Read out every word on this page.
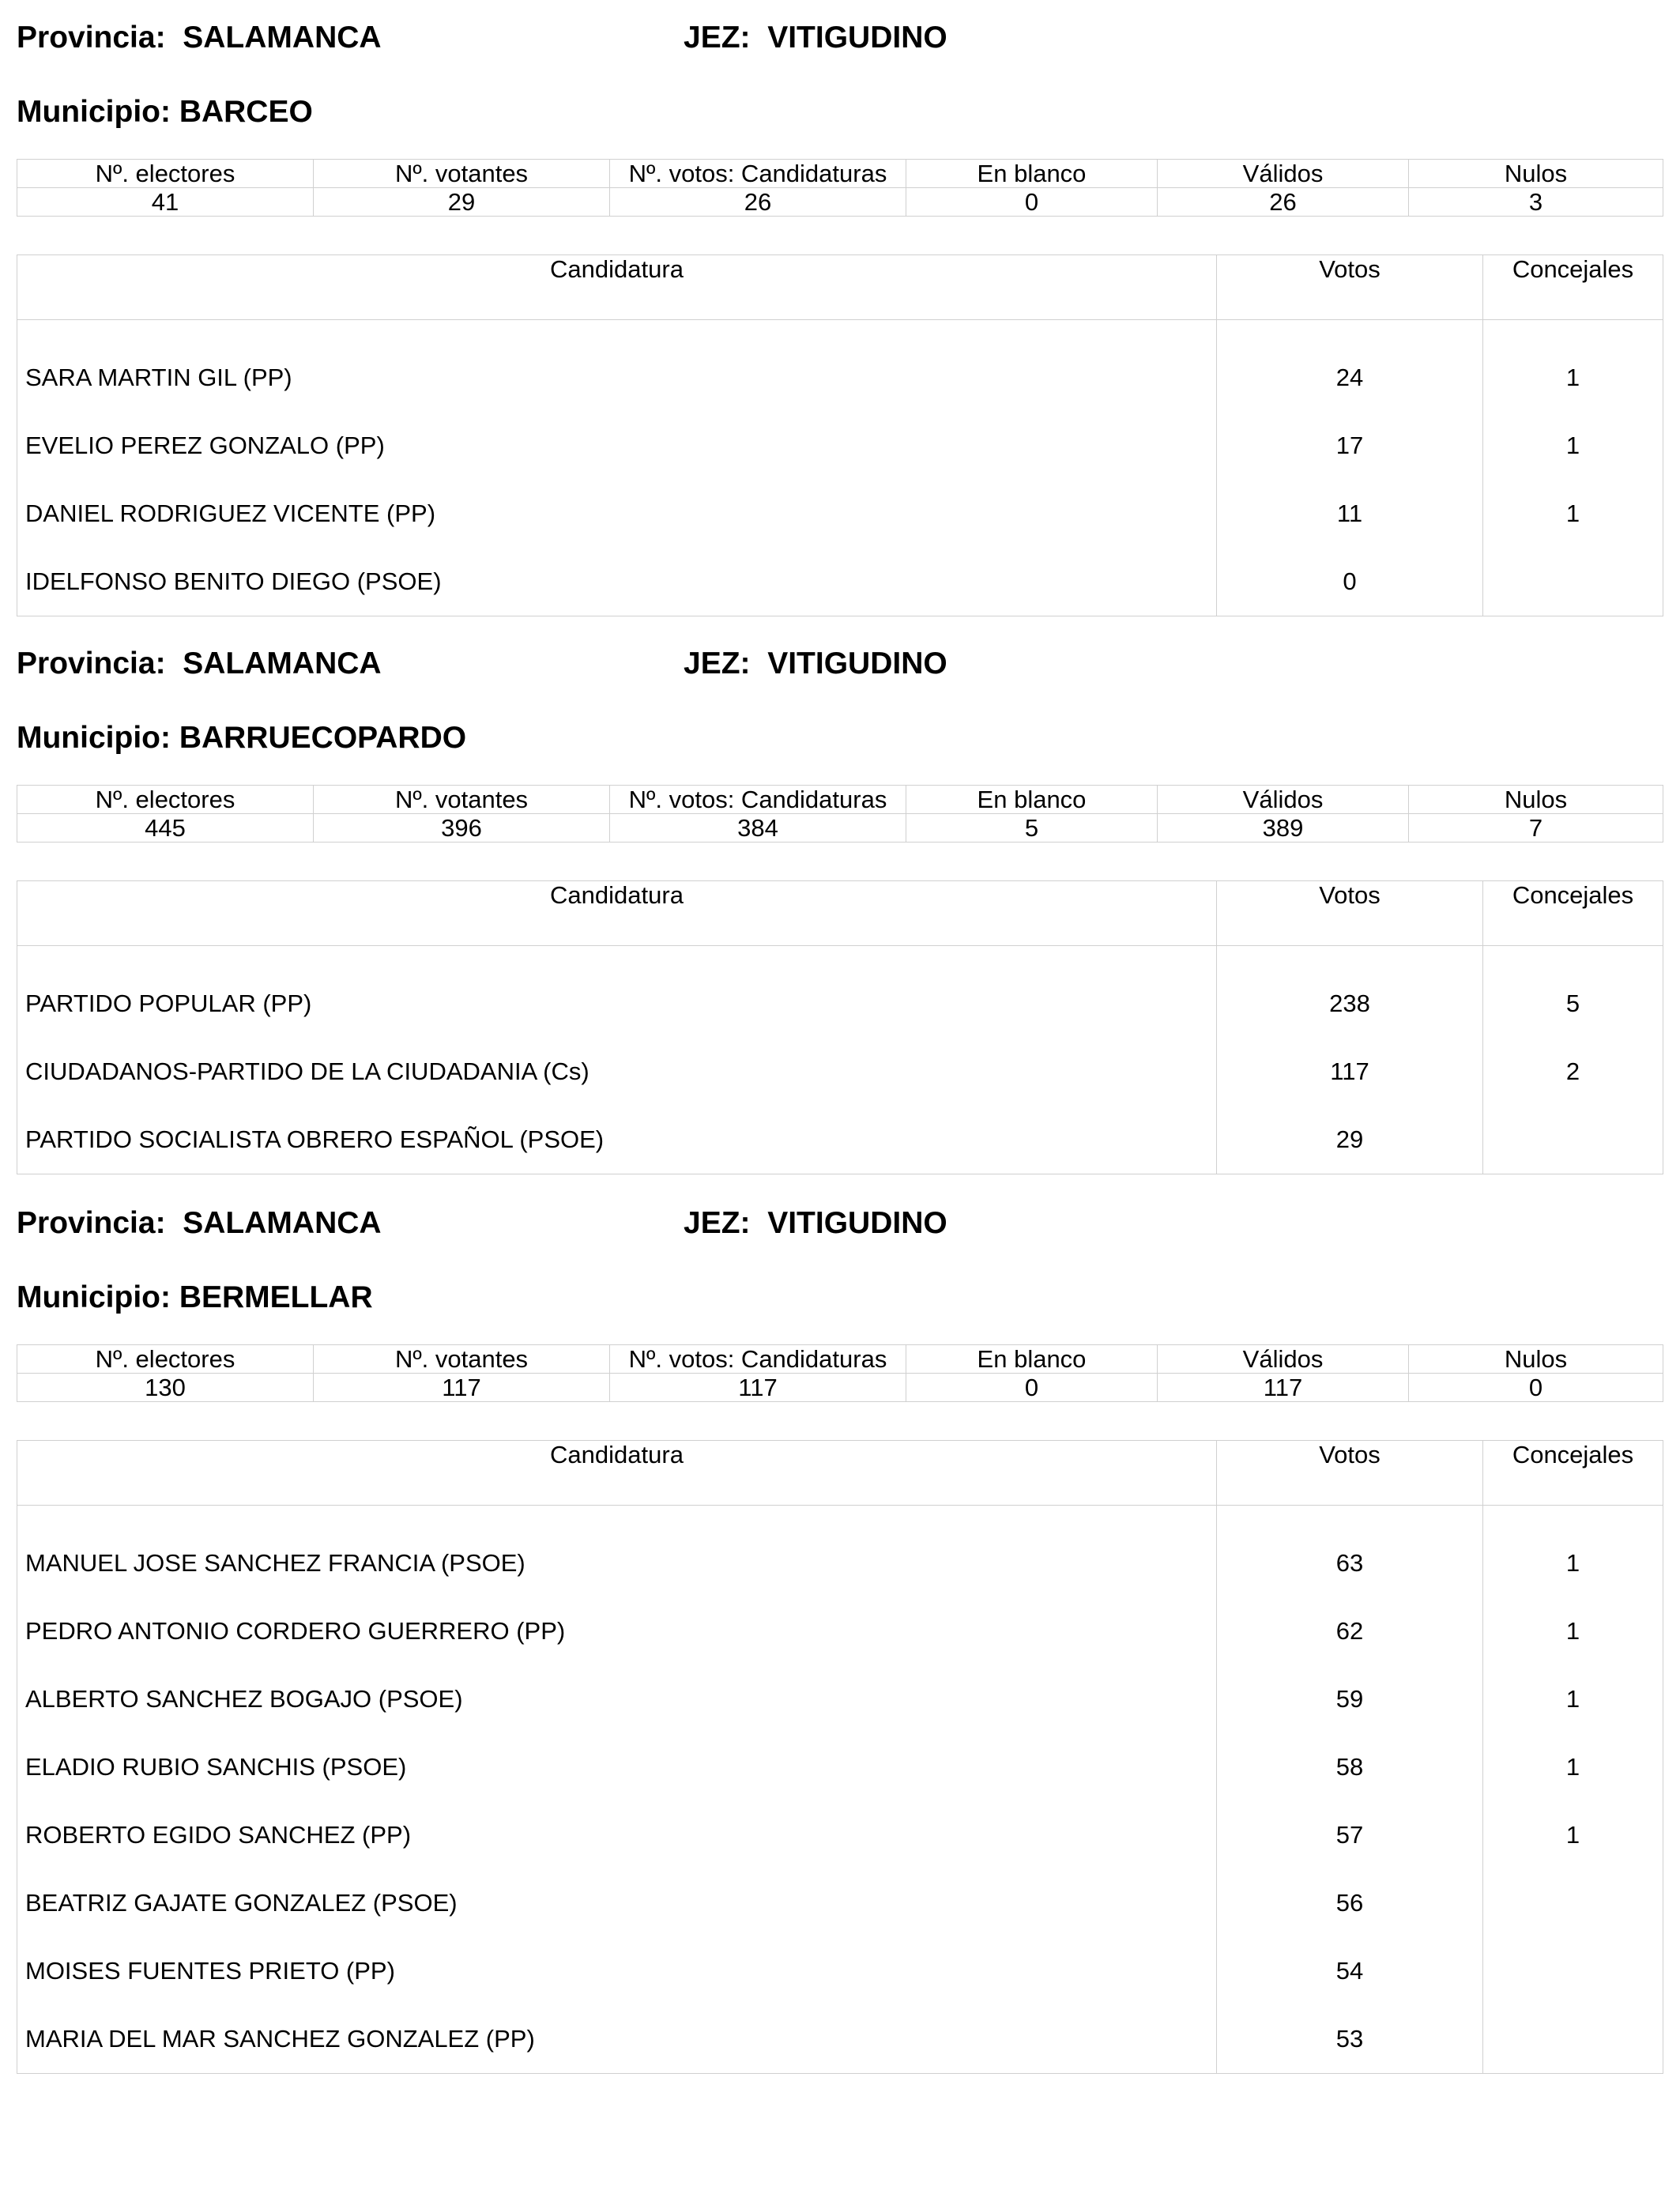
Provincia: SALAMANCA	JEZ: VITIGUDINO
Municipio: BARCEO
Nº. electores	Nº. votantes	Nº. votos: Candidaturas	En blanco	Válidos	Nulos
41	29	26	0	26	3
Candidatura	Votos	Concejales
SARA MARTIN GIL (PP)	24	1
EVELIO PEREZ GONZALO (PP)	17	1
DANIEL RODRIGUEZ VICENTE (PP)	11	1
IDELFONSO BENITO DIEGO (PSOE)	0	
Provincia: SALAMANCA	JEZ: VITIGUDINO
Municipio: BARRUECOPARDO
Nº. electores	Nº. votantes	Nº. votos: Candidaturas	En blanco	Válidos	Nulos
445	396	384	5	389	7
Candidatura	Votos	Concejales
PARTIDO POPULAR (PP)	238	5
CIUDADANOS-PARTIDO DE LA CIUDADANIA (Cs)	117	2
PARTIDO SOCIALISTA OBRERO ESPAÑOL (PSOE)	29	
Provincia: SALAMANCA	JEZ: VITIGUDINO
Municipio: BERMELLAR
Nº. electores	Nº. votantes	Nº. votos: Candidaturas	En blanco	Válidos	Nulos
130	117	117	0	117	0
Candidatura	Votos	Concejales
MANUEL JOSE SANCHEZ FRANCIA (PSOE)	63	1
PEDRO ANTONIO CORDERO GUERRERO (PP)	62	1
ALBERTO SANCHEZ BOGAJO (PSOE)	59	1
ELADIO RUBIO SANCHIS (PSOE)	58	1
ROBERTO EGIDO SANCHEZ (PP)	57	1
BEATRIZ GAJATE GONZALEZ (PSOE)	56	
MOISES FUENTES PRIETO (PP)	54	
MARIA DEL MAR SANCHEZ GONZALEZ (PP)	53	
